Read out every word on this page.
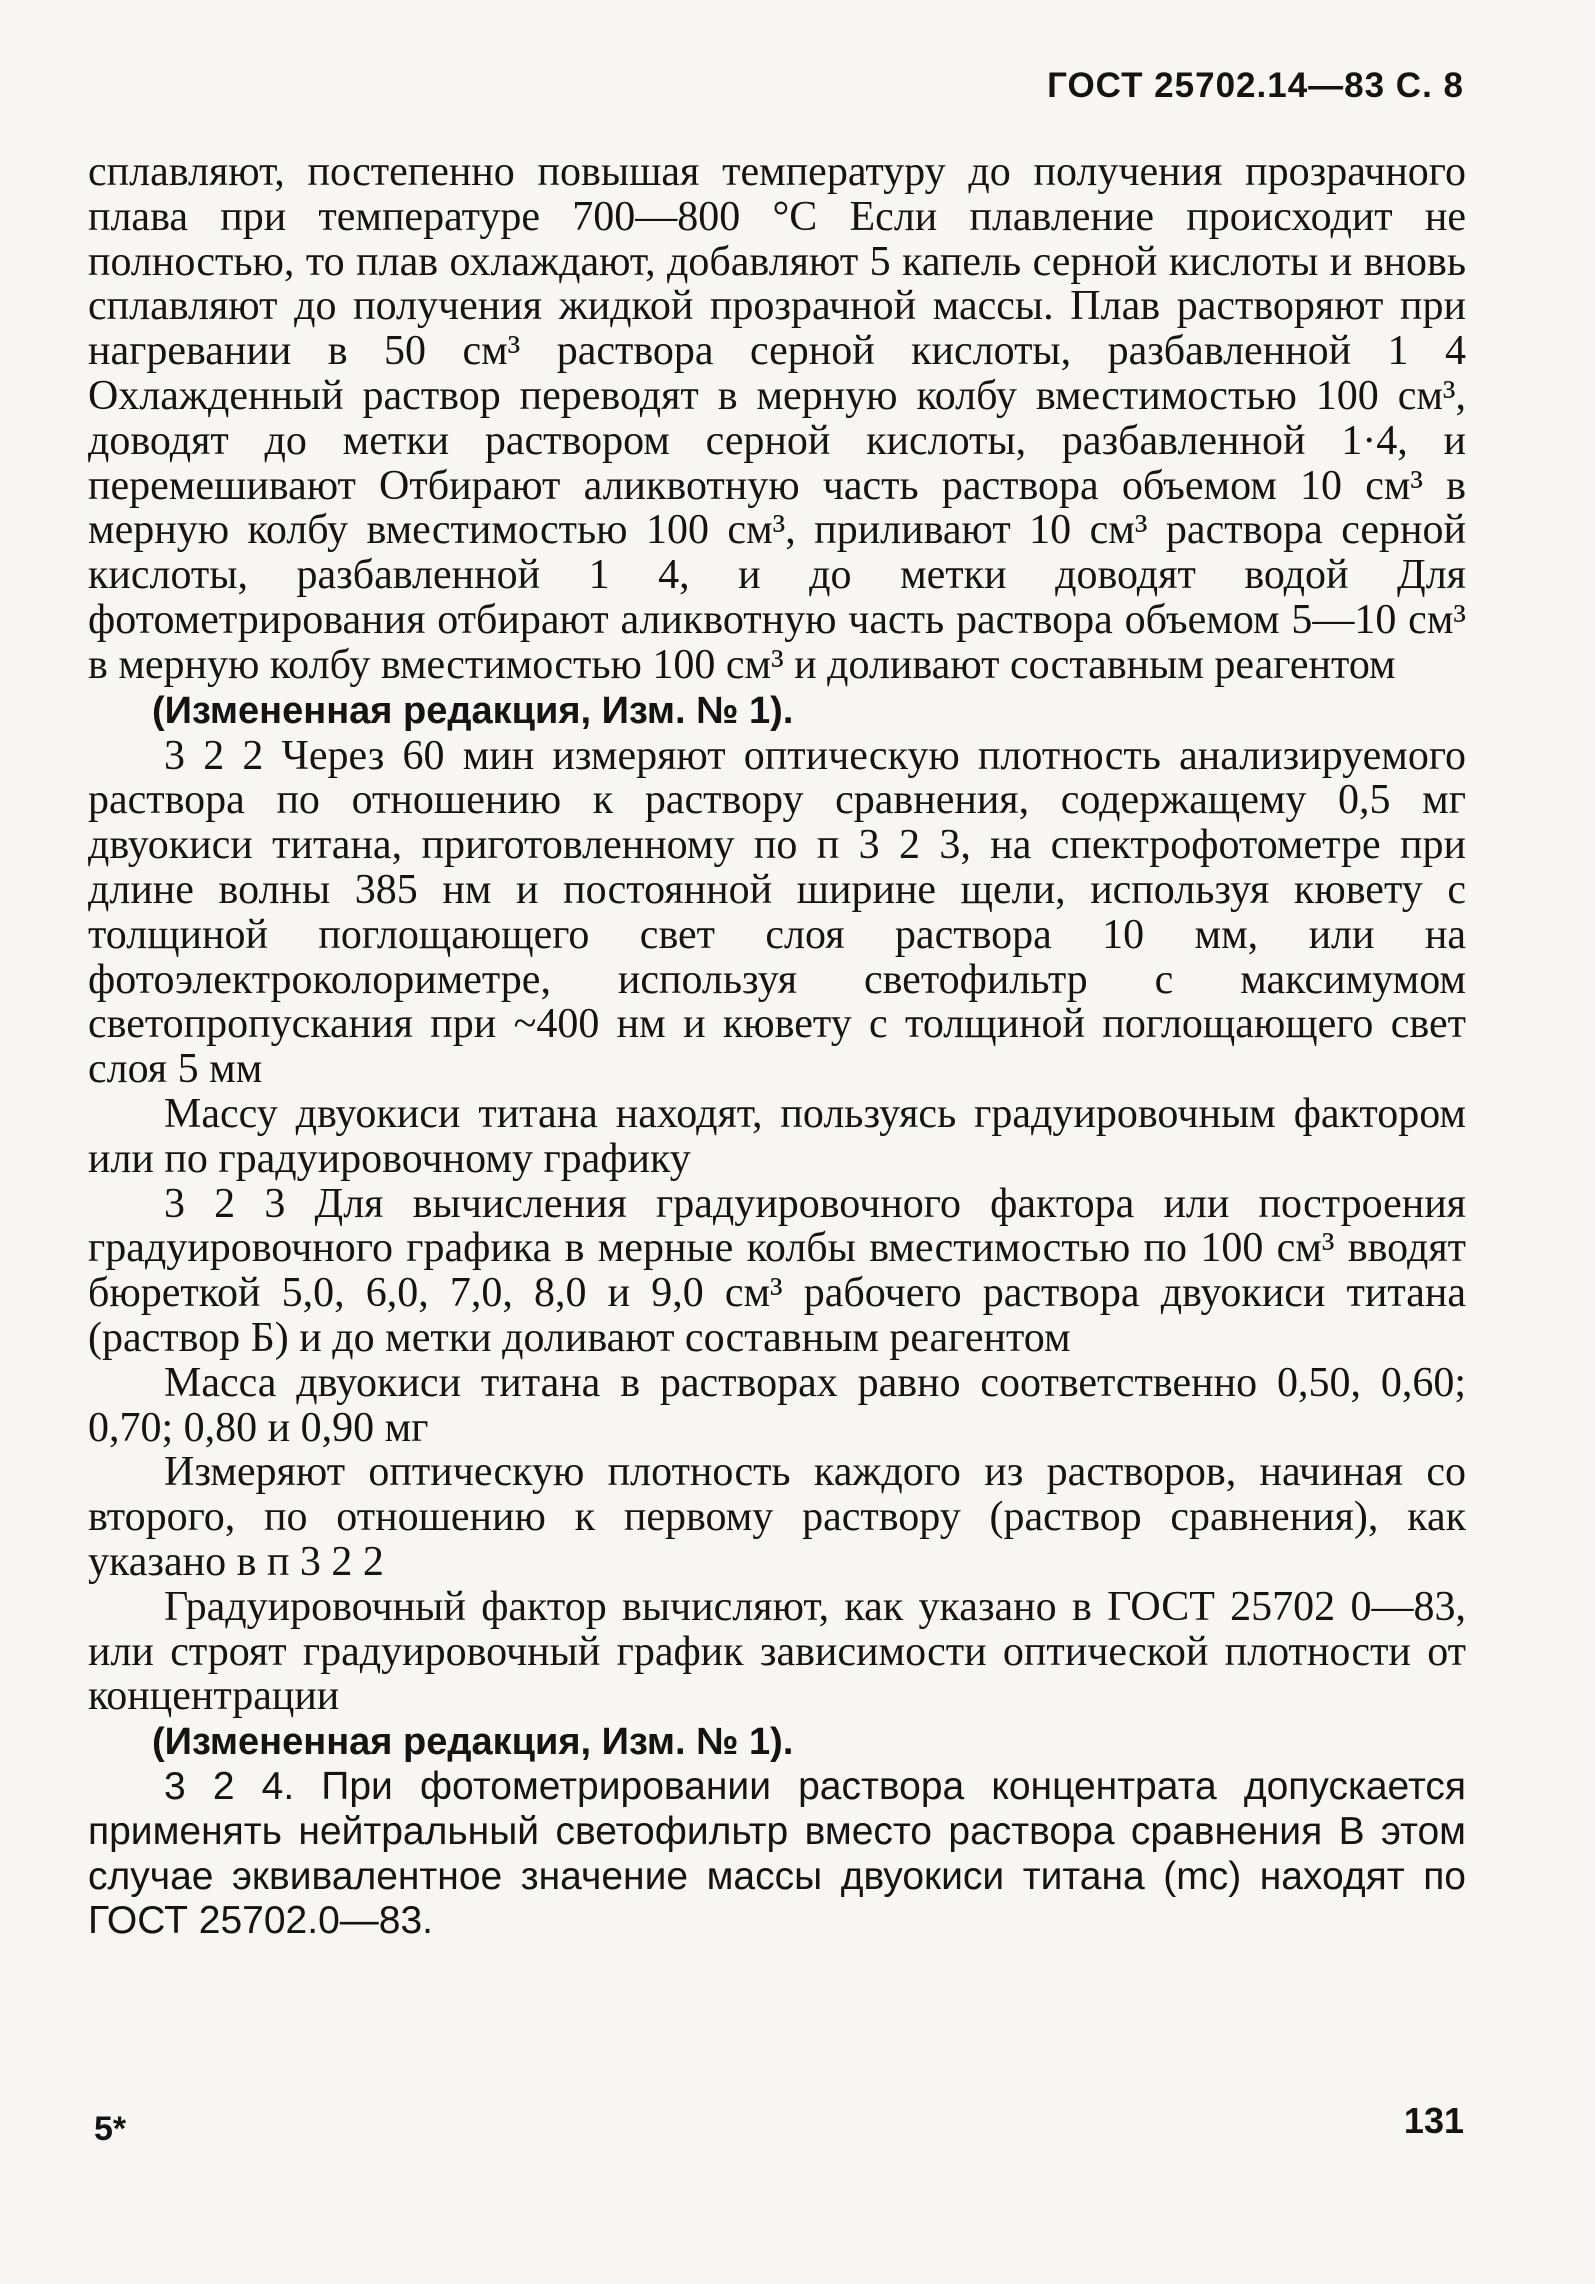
ГОСТ 25702.14—83 С. 8

сплавляют, постепенно повышая температуру до получения прозрачного плава при температуре 700—800 °С Если плавление происходит не полностью, то плав охлаждают, добавляют 5 капель серной кислоты и вновь сплавляют до получения жидкой прозрачной массы. Плав растворяют при нагревании в 50 см³ раствора серной кислоты, разбавленной 1 4 Охлажденный раствор переводят в мерную колбу вместимостью 100 см³, доводят до метки раствором серной кислоты, разбавленной 1·4, и перемешивают Отбирают аликвотную часть раствора объемом 10 см³ в мерную колбу вместимостью 100 см³, приливают 10 см³ раствора серной кислоты, разбавленной 1 4, и до метки доводят водой Для фотометрирования отбирают аликвотную часть раствора объемом 5—10 см³ в мерную колбу вместимостью 100 см³ и доливают составным реагентом

(Измененная редакция, Изм. № 1).

3 2 2 Через 60 мин измеряют оптическую плотность анализируемого раствора по отношению к раствору сравнения, содержащему 0,5 мг двуокиси титана, приготовленному по п 3 2 3, на спектрофотометре при длине волны 385 нм и постоянной ширине щели, используя кювету с толщиной поглощающего свет слоя раствора 10 мм, или на фотоэлектроколориметре, используя светофильтр с максимумом светопропускания при ~400 нм и кювету с толщиной поглощающего свет слоя 5 мм

Массу двуокиси титана находят, пользуясь градуировочным фактором или по градуировочному графику

3 2 3 Для вычисления градуировочного фактора или построения градуировочного графика в мерные колбы вместимостью по 100 см³ вводят бюреткой 5,0, 6,0, 7,0, 8,0 и 9,0 см³ рабочего раствора двуокиси титана (раствор Б) и до метки доливают составным реагентом

Масса двуокиси титана в растворах равно соответственно 0,50, 0,60; 0,70; 0,80 и 0,90 мг

Измеряют оптическую плотность каждого из растворов, начиная со второго, по отношению к первому раствору (раствор сравнения), как указано в п 3 2 2

Градуировочный фактор вычисляют, как указано в ГОСТ 25702 0—83, или строят градуировочный график зависимости оптической плотности от концентрации

(Измененная редакция, Изм. № 1).

3 2 4. При фотометрировании раствора концентрата допускается применять нейтральный светофильтр вместо раствора сравнения В этом случае эквивалентное значение массы двуокиси титана (mc) находят по ГОСТ 25702.0—83.

5*	131
